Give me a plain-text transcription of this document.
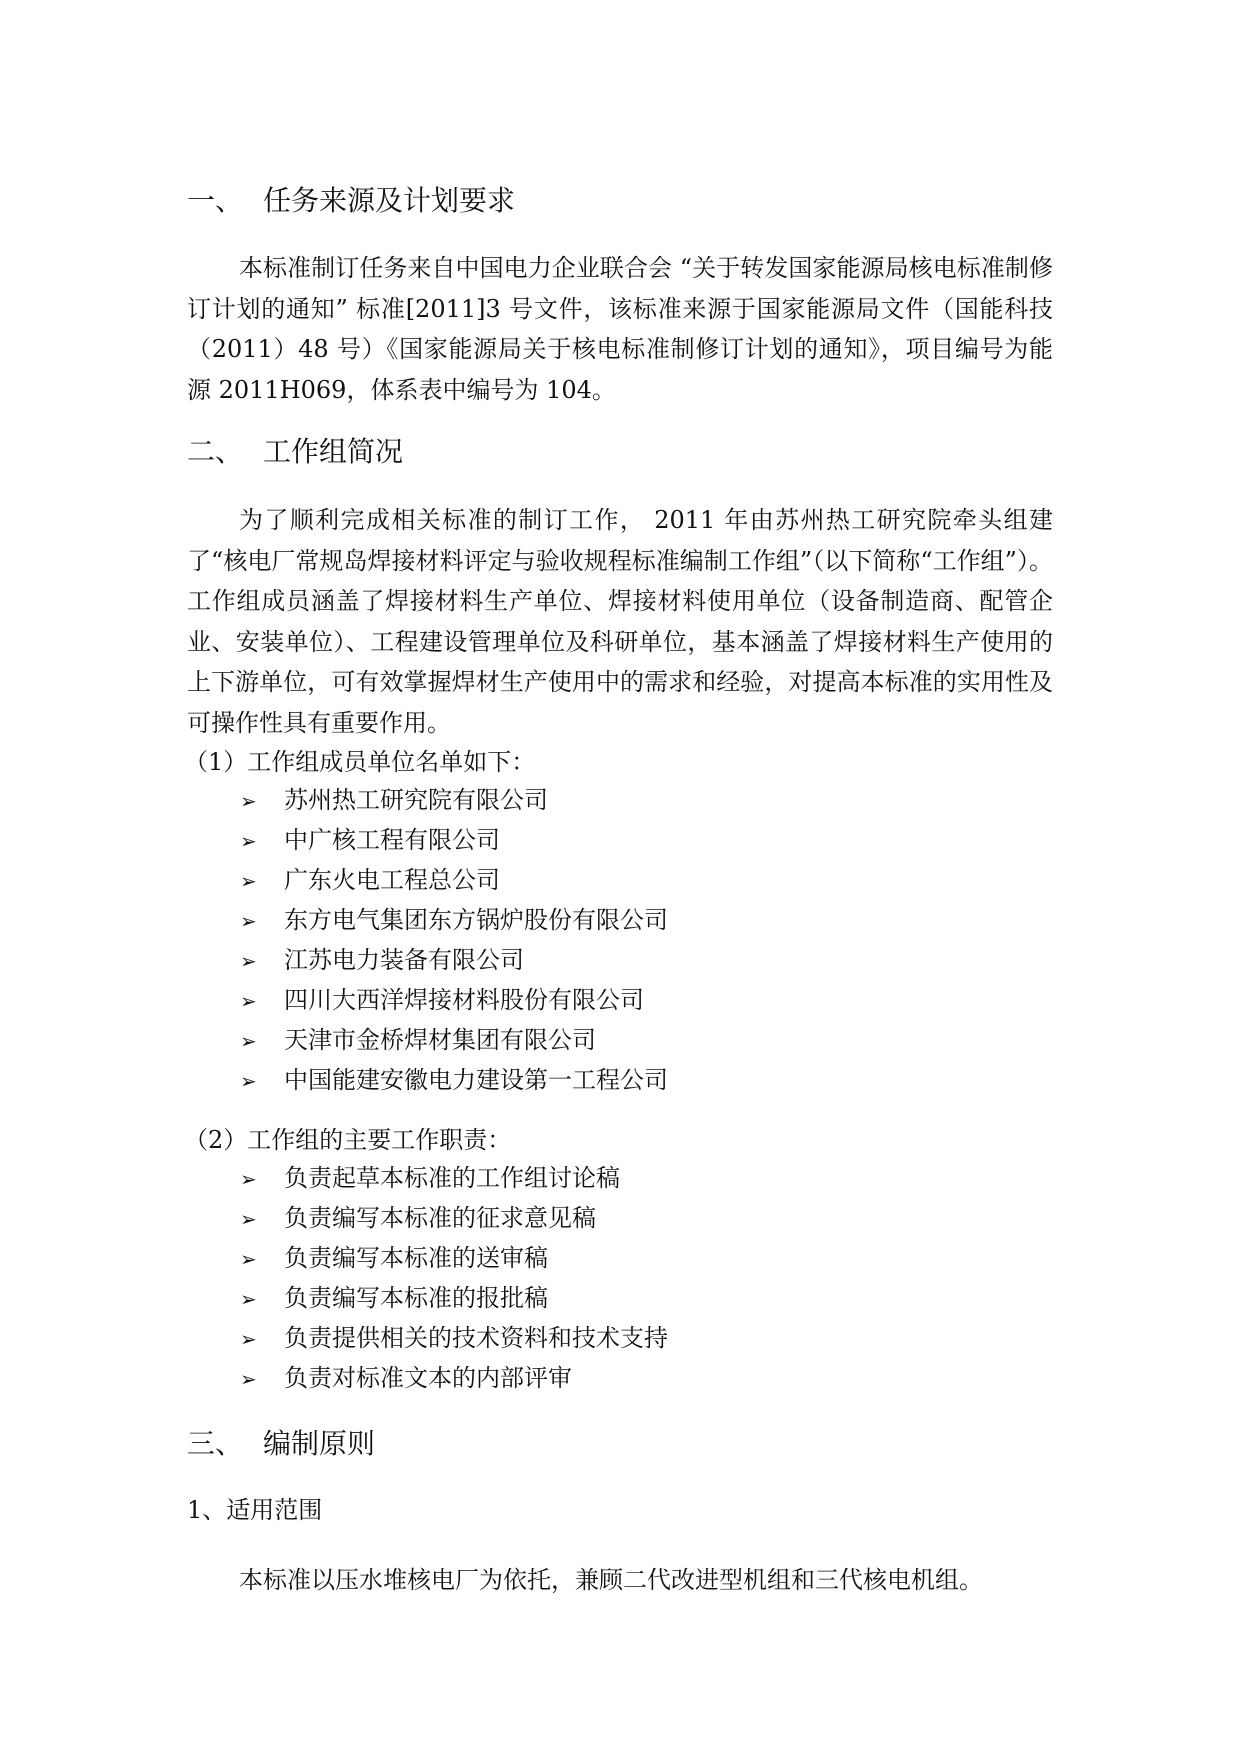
一、 任务来源及计划要求
本标准制订任务来自中国电力企业联合会 “关于转发国家能源局核电标准制修订计划的通知” 标准[2011]3 号文件，该标准来源于国家能源局文件（国能科技（2011）48 号）《国家能源局关于核电标准制修订计划的通知》，项目编号为能源 2011H069，体系表中编号为 104。
二、 工作组简况
为了顺利完成相关标准的制订工作， 2011 年由苏州热工研究院牵头组建了“核电厂常规岛焊接材料评定与验收规程标准编制工作组”（以下简称“工作组”）。工作组成员涵盖了焊接材料生产单位、焊接材料使用单位（设备制造商、配管企业、安装单位）、工程建设管理单位及科研单位，基本涵盖了焊接材料生产使用的上下游单位，可有效掌握焊材生产使用中的需求和经验，对提高本标准的实用性及可操作性具有重要作用。
（1）工作组成员单位名单如下：
➢ 苏州热工研究院有限公司
➢ 中广核工程有限公司
➢ 广东火电工程总公司
➢ 东方电气集团东方锅炉股份有限公司
➢ 江苏电力装备有限公司
➢ 四川大西洋焊接材料股份有限公司
➢ 天津市金桥焊材集团有限公司
➢ 中国能建安徽电力建设第一工程公司
（2）工作组的主要工作职责：
➢ 负责起草本标准的工作组讨论稿
➢ 负责编写本标准的征求意见稿
➢ 负责编写本标准的送审稿
➢ 负责编写本标准的报批稿
➢ 负责提供相关的技术资料和技术支持
➢ 负责对标准文本的内部评审
三、 编制原则
1、适用范围
本标准以压水堆核电厂为依托，兼顾二代改进型机组和三代核电机组。
